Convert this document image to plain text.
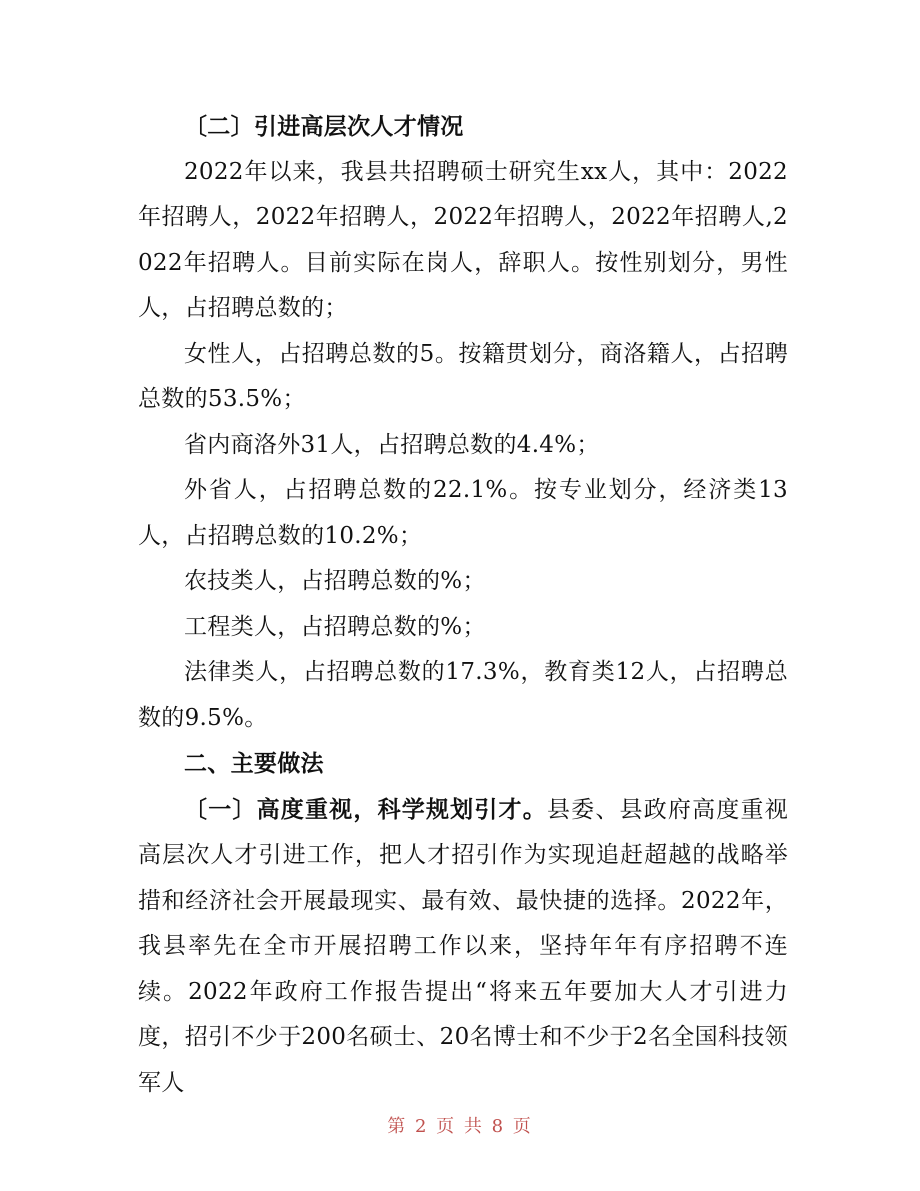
〔二〕引进高层次人才情况

2022年以来，我县共招聘硕士研究生xx人，其中：2022年招聘人，2022年招聘人，2022年招聘人，2022年招聘人,2022年招聘人。目前实际在岗人，辞职人。按性别划分，男性人，占招聘总数的；

女性人，占招聘总数的5。按籍贯划分，商洛籍人，占招聘总数的53.5%；

省内商洛外31人，占招聘总数的4.4%；

外省人，占招聘总数的22.1%。按专业划分，经济类13人，占招聘总数的10.2%；

农技类人，占招聘总数的%；

工程类人，占招聘总数的%；

法律类人，占招聘总数的17.3%，教育类12人，占招聘总数的9.5%。

二、主要做法

〔一〕高度重视，科学规划引才。县委、县政府高度重视高层次人才引进工作，把人才招引作为实现追赶超越的战略举措和经济社会开展最现实、最有效、最快捷的选择。2022年，我县率先在全市开展招聘工作以来，坚持年年有序招聘不连续。2022年政府工作报告提出“将来五年要加大人才引进力度，招引不少于200名硕士、20名博士和不少于2名全国科技领军人

第 2 页 共 8 页
